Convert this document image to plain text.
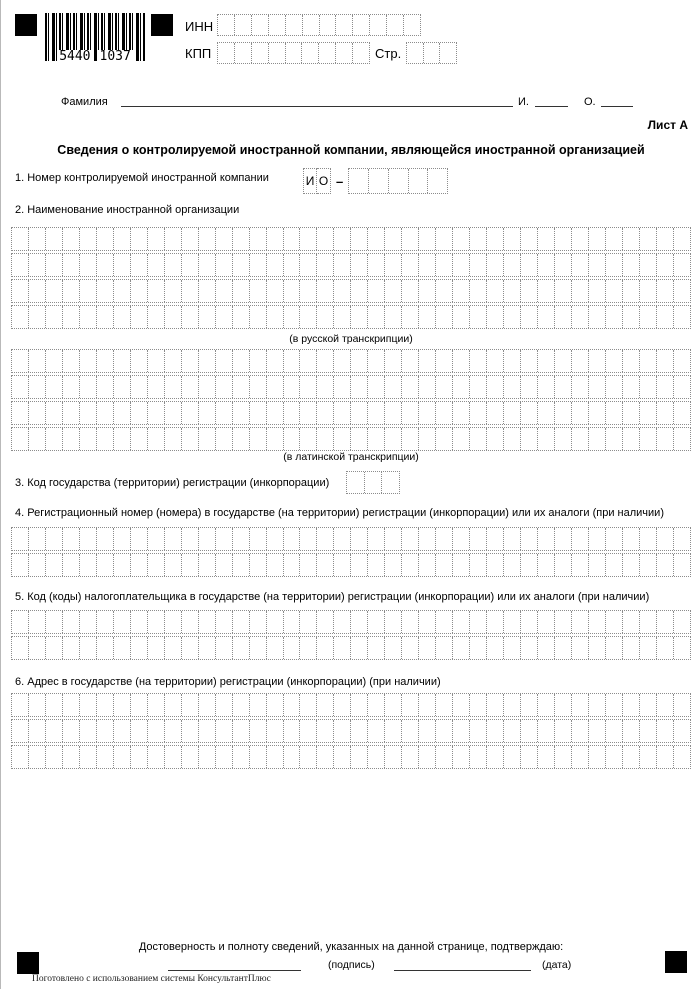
5440 1037
ИНН
КПП	Стр.
Фамилия	И.	О.
Лист А
Сведения о контролируемой иностранной компании, являющейся иностранной организацией
1. Номер контролируемой иностранной компании	И О –
2. Наименование иностранной организации
(в русской транскрипции)
(в латинской транскрипции)
3. Код государства (территории) регистрации (инкорпорации)
4. Регистрационный номер (номера) в государстве (на территории) регистрации (инкорпорации) или их аналоги (при наличии)
5. Код (коды) налогоплательщика в государстве (на территории) регистрации (инкорпорации) или их аналоги (при наличии)
6. Адрес в государстве (на территории) регистрации (инкорпорации) (при наличии)
Достоверность и полноту сведений, указанных на данной странице, подтверждаю:
(подпись)	(дата)
Поготовлено с использованием системы КонсультантПлюс
